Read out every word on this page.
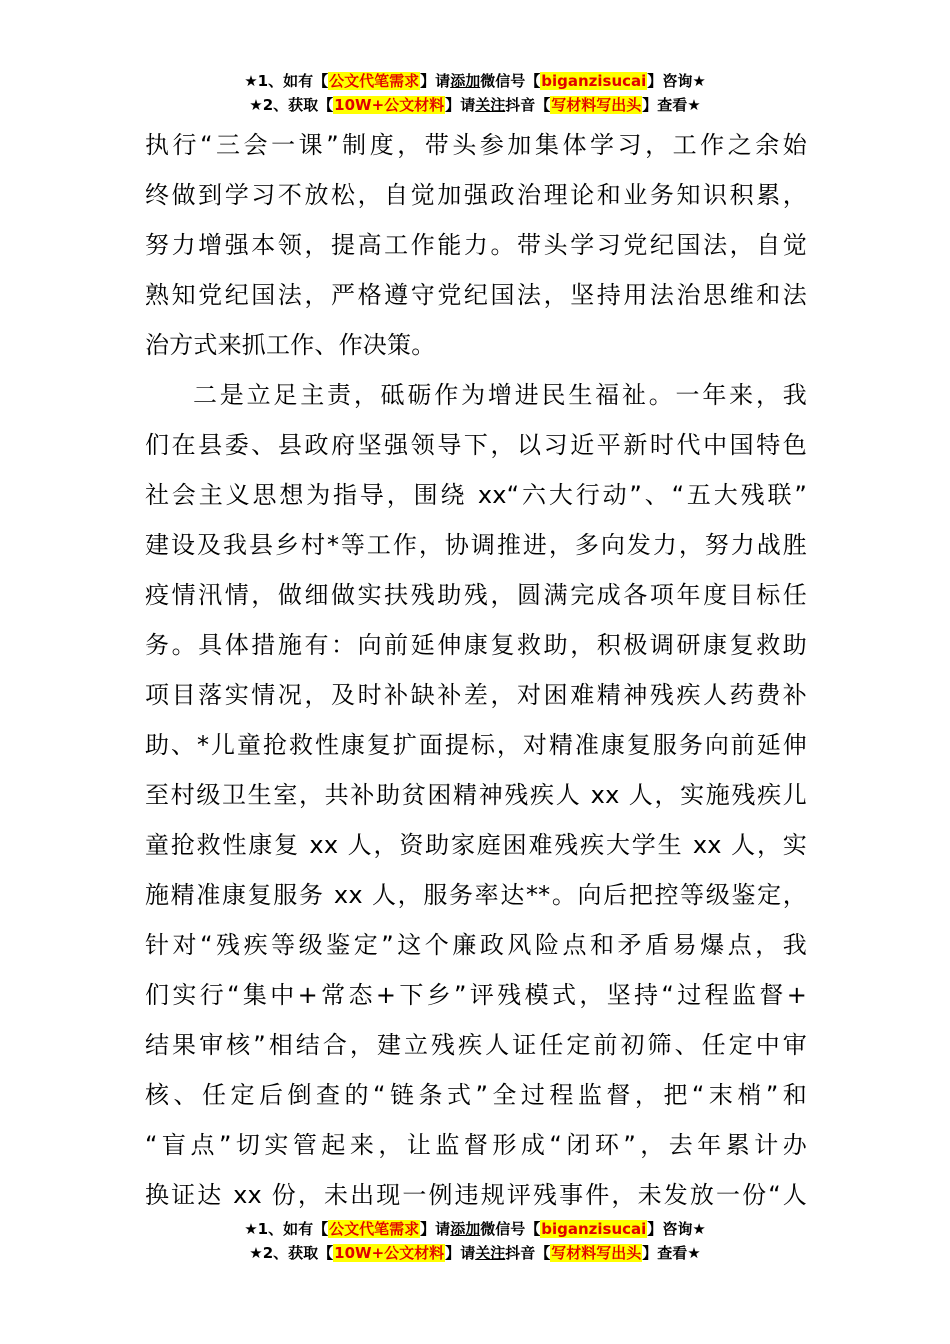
★1、如有【公文代笔需求】请添加微信号【biganzisucai】咨询★
★2、获取【10W+公文材料】请关注抖音【写材料写出头】查看★
执行“三会一课”制度，带头参加集体学习，工作之余始
终做到学习不放松，自觉加强政治理论和业务知识积累，
努力增强本领，提高工作能力。带头学习党纪国法，自觉
熟知党纪国法，严格遵守党纪国法，坚持用法治思维和法
治方式来抓工作、作决策。
二是立足主责，砥砺作为增进民生福祉。一年来，我
们在县委、县政府坚强领导下，以习近平新时代中国特色
社会主义思想为指导，围绕 xx“六大行动”、“五大残联”
建设及我县乡村*等工作，协调推进，多向发力，努力战胜
疫情汛情，做细做实扶残助残，圆满完成各项年度目标任
务。具体措施有：向前延伸康复救助，积极调研康复救助
项目落实情况，及时补缺补差，对困难精神残疾人药费补
助、*儿童抢救性康复扩面提标，对精准康复服务向前延伸
至村级卫生室，共补助贫困精神残疾人 xx 人，实施残疾儿
童抢救性康复 xx 人，资助家庭困难残疾大学生 xx 人，实
施精准康复服务 xx 人，服务率达**。向后把控等级鉴定，
针对“残疾等级鉴定”这个廉政风险点和矛盾易爆点，我
们实行“集中+常态+下乡”评残模式，坚持“过程监督+
结果审核”相结合，建立残疾人证任定前初筛、任定中审
核、任定后倒查的“链条式”全过程监督，把“末梢”和
“盲点”切实管起来，让监督形成“闭环”，去年累计办
换证达 xx 份，未出现一例违规评残事件，未发放一份“人
★1、如有【公文代笔需求】请添加微信号【biganzisucai】咨询★
★2、获取【10W+公文材料】请关注抖音【写材料写出头】查看★
